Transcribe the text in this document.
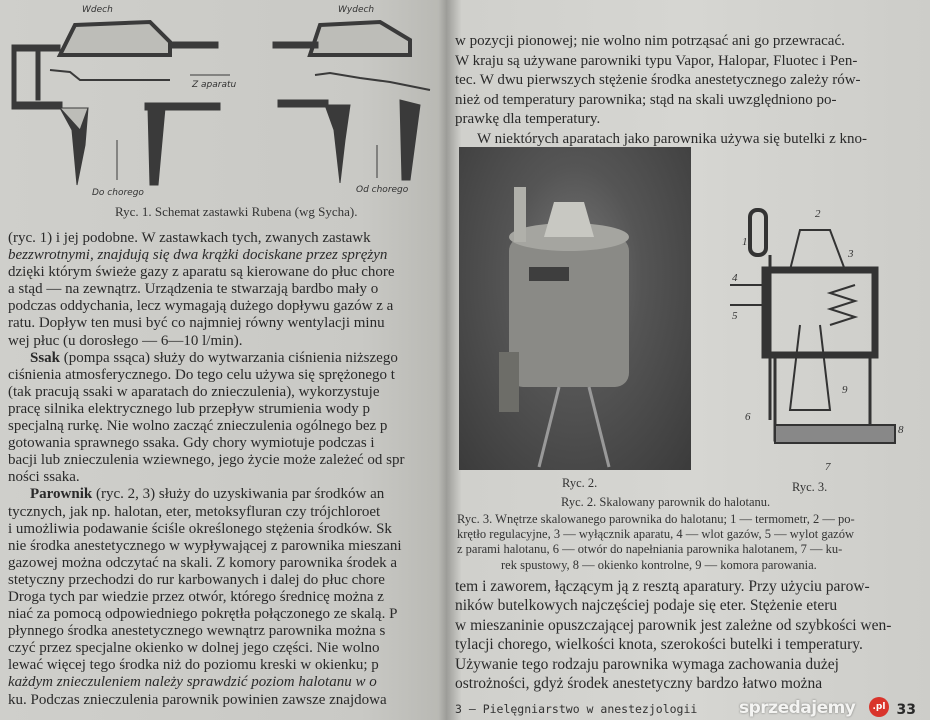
Wdech	Wydech
Z aparatu
Do chorego	Od chorego
Ryc. 1. Schemat zastawki Rubena (wg Sycha).
(ryc. 1) i jej podobne. W zastawkach tych, zwanych zastawk
bezzwrotnymi, znajdują się dwa krążki dociskane przez sprężyn
dzięki którym świeże gazy z aparatu są kierowane do płuc chore
a stąd — na zewnątrz. Urządzenia te stwarzają bardbo mały o
podczas oddychania, lecz wymagają dużego dopływu gazów z a
ratu. Dopływ ten musi być co najmniej równy wentylacji minu
wej płuc (u dorosłego — 6—10 l/min).
Ssak (pompa ssąca) służy do wytwarzania ciśnienia niższego
ciśnienia atmosferycznego. Do tego celu używa się sprężonego t
(tak pracują ssaki w aparatach do znieczulenia), wykorzystuje
pracę silnika elektrycznego lub przepływ strumienia wody p
specjalną rurkę. Nie wolno zacząć znieczulenia ogólnego bez p
gotowania sprawnego ssaka. Gdy chory wymiotuje podczas i
bacji lub znieczulenia wziewnego, jego życie może zależeć od spr
ności ssaka.
Parownik (ryc. 2, 3) służy do uzyskiwania par środków an
tycznych, jak np. halotan, eter, metoksyfluran czy trójchloroet
i umożliwia podawanie ściśle określonego stężenia środków. Sk
nie środka anestetycznego w wypływającej z parownika mieszani
gazowej można odczytać na skali. Z komory parownika środek a
stetyczny przechodzi do rur karbowanych i dalej do płuc chore
Droga tych par wiedzie przez otwór, którego średnicę można z
niać za pomocą odpowiedniego pokrętła połączonego ze skalą. P
płynnego środka anestetycznego wewnątrz parownika można s
czyć przez specjalne okienko w dolnej jego części. Nie wolno
lewać więcej tego środka niż do poziomu kreski w okienku; p
każdym znieczuleniem należy sprawdzić poziom halotanu w o
ku. Podczas znieczulenia parownik powinien zawsze znajdowa
w pozycji pionowej; nie wolno nim potrząsać ani go przewracać.
W kraju są używane parowniki typu Vapor, Halopar, Fluotec i Pen-
tec. W dwu pierwszych stężenie środka anestetycznego zależy rów-
nież od temperatury parownika; stąd na skali uwzględniono po-
prawkę dla temperatury.
W niektórych aparatach jako parownika używa się butelki z kno-
1
2
3
4
5
6
7
8
9
Ryc. 2.	Ryc. 3.
Ryc. 2. Skalowany parownik do halotanu.
Ryc. 3. Wnętrze skalowanego parownika do halotanu; 1 — termometr, 2 — po-
krętło regulacyjne, 3 — wyłącznik aparatu, 4 — wlot gazów, 5 — wylot gazów
z parami halotanu, 6 — otwór do napełniania parownika halotanem, 7 — ku-
rek spustowy, 8 — okienko kontrolne, 9 — komora parowania.
tem i zaworem, łączącym ją z resztą aparatury. Przy użyciu parow-
ników butelkowych najczęściej podaje się eter. Stężenie eteru
w mieszaninie opuszczającej parownik jest zależne od szybkości wen-
tylacji chorego, wielkości knota, szerokości butelki i temperatury.
Używanie tego rodzaju parownika wymaga zachowania dużej
ostrożności, gdyż środek anestetyczny bardzo łatwo można
3 — Pielęgniarstwo w anestezjologii sprzedajemy	.pl 33
